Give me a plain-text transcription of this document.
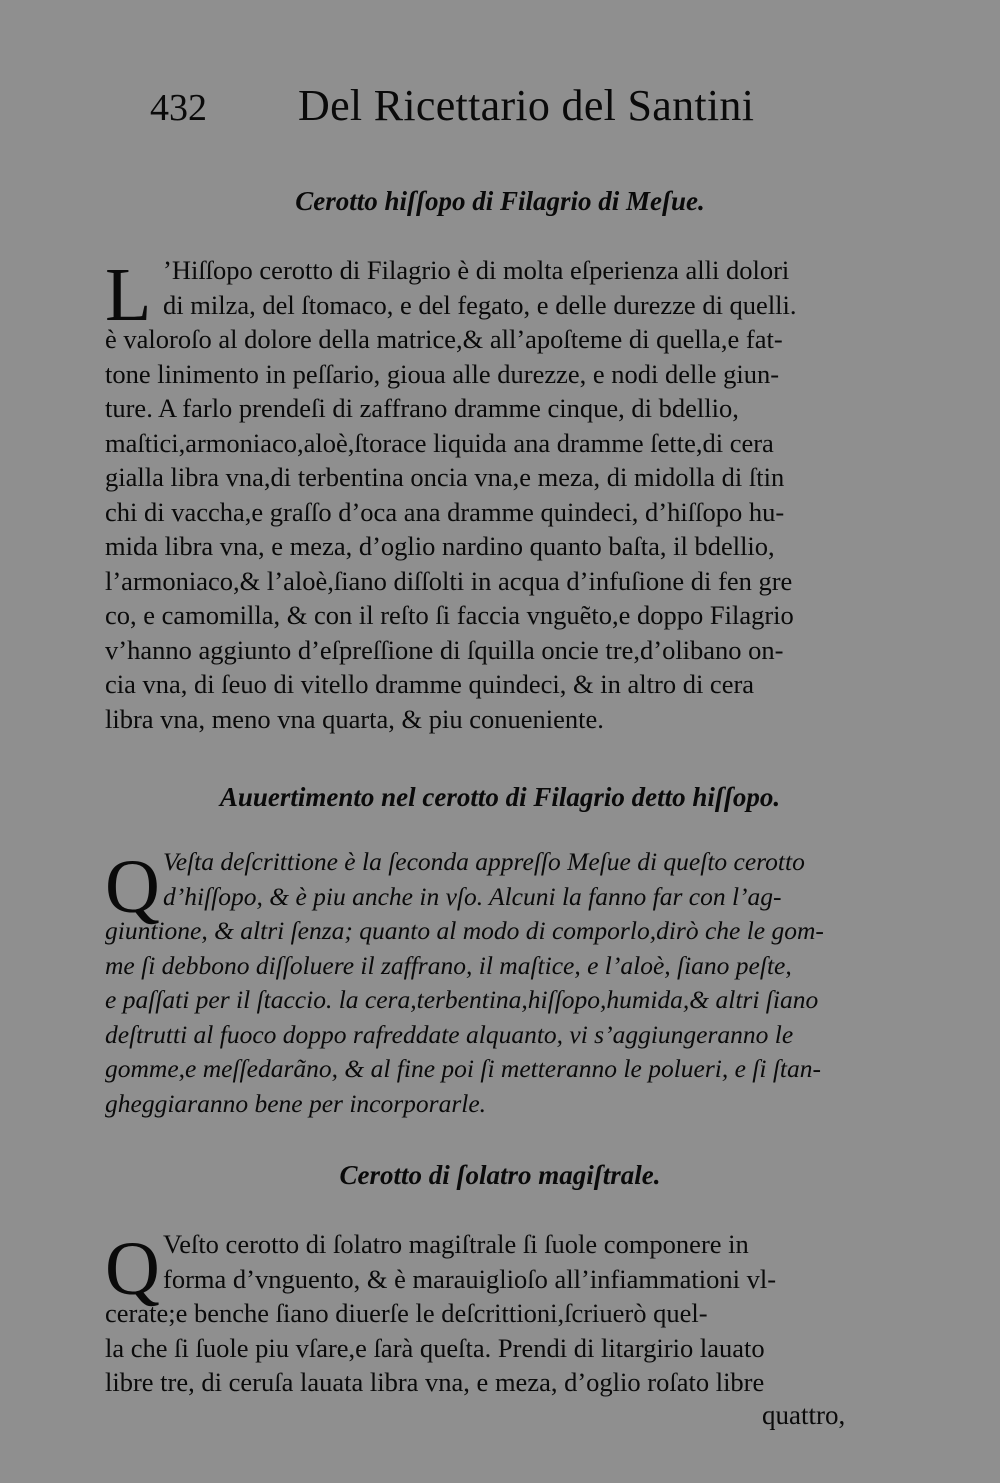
432 Del Ricettario del Santini
Cerotto hiſſopo di Filagrio di Meſue.
L ’Hiſſopo cerotto di Filagrio è di molta eſperienza alli dolori
di milza, del ſtomaco, e del fegato, e delle durezze di quelli.
è valoroſo al dolore della matrice,& all’apoſteme di quella,e fat-
tone linimento in peſſario, gioua alle durezze, e nodi delle giun-
ture. A farlo prendeſi di zaffrano dramme cinque, di bdellio,
maſtici,armoniaco,aloè,ſtorace liquida ana dramme ſette,di cera
gialla libra vna,di terbentina oncia vna,e meza, di midolla di ſtin
chi di vaccha,e graſſo d’oca ana dramme quindeci, d’hiſſopo hu-
mida libra vna, e meza, d’oglio nardino quanto baſta, il bdellio,
l’armoniaco,& l’aloè,ſiano diſſolti in acqua d’infuſione di fen gre
co, e camomilla, & con il reſto ſi faccia vnguẽto,e doppo Filagrio
v’hanno aggiunto d’eſpreſſione di ſquilla oncie tre,d’olibano on-
cia vna, di ſeuo di vitello dramme quindeci, & in altro di cera
libra vna, meno vna quarta, & piu conueniente.
Auuertimento nel cerotto di Filagrio detto hiſſopo.
Q Veſta deſcrittione è la ſeconda appreſſo Meſue di queſto cerotto
d’hiſſopo, & è piu anche in vſo. Alcuni la fanno far con l’ag-
giuntione, & altri ſenza; quanto al modo di comporlo,dirò che le gom-
me ſi debbono diſſoluere il zaffrano, il maſtice, e l’aloè, ſiano peſte,
e paſſati per il ſtaccio. la cera,terbentina,hiſſopo,humida,& altri ſiano
deſtrutti al fuoco doppo rafreddate alquanto, vi s’aggiungeranno le
gomme,e meſſedarãno, & al fine poi ſi metteranno le polueri, e ſi ſtan-
gheggiaranno bene per incorporarle.
Cerotto di ſolatro magiſtrale.
Q Veſto cerotto di ſolatro magiſtrale ſi ſuole componere in
forma d’vnguento, & è marauiglioſo all’infiammationi vl-
cerate;e benche ſiano diuerſe le deſcrittioni,ſcriuerò quel-
la che ſi ſuole piu vſare,e ſarà queſta. Prendi di litargirio lauato
libre tre, di ceruſa lauata libra vna, e meza, d’oglio roſato libre
quattro,
